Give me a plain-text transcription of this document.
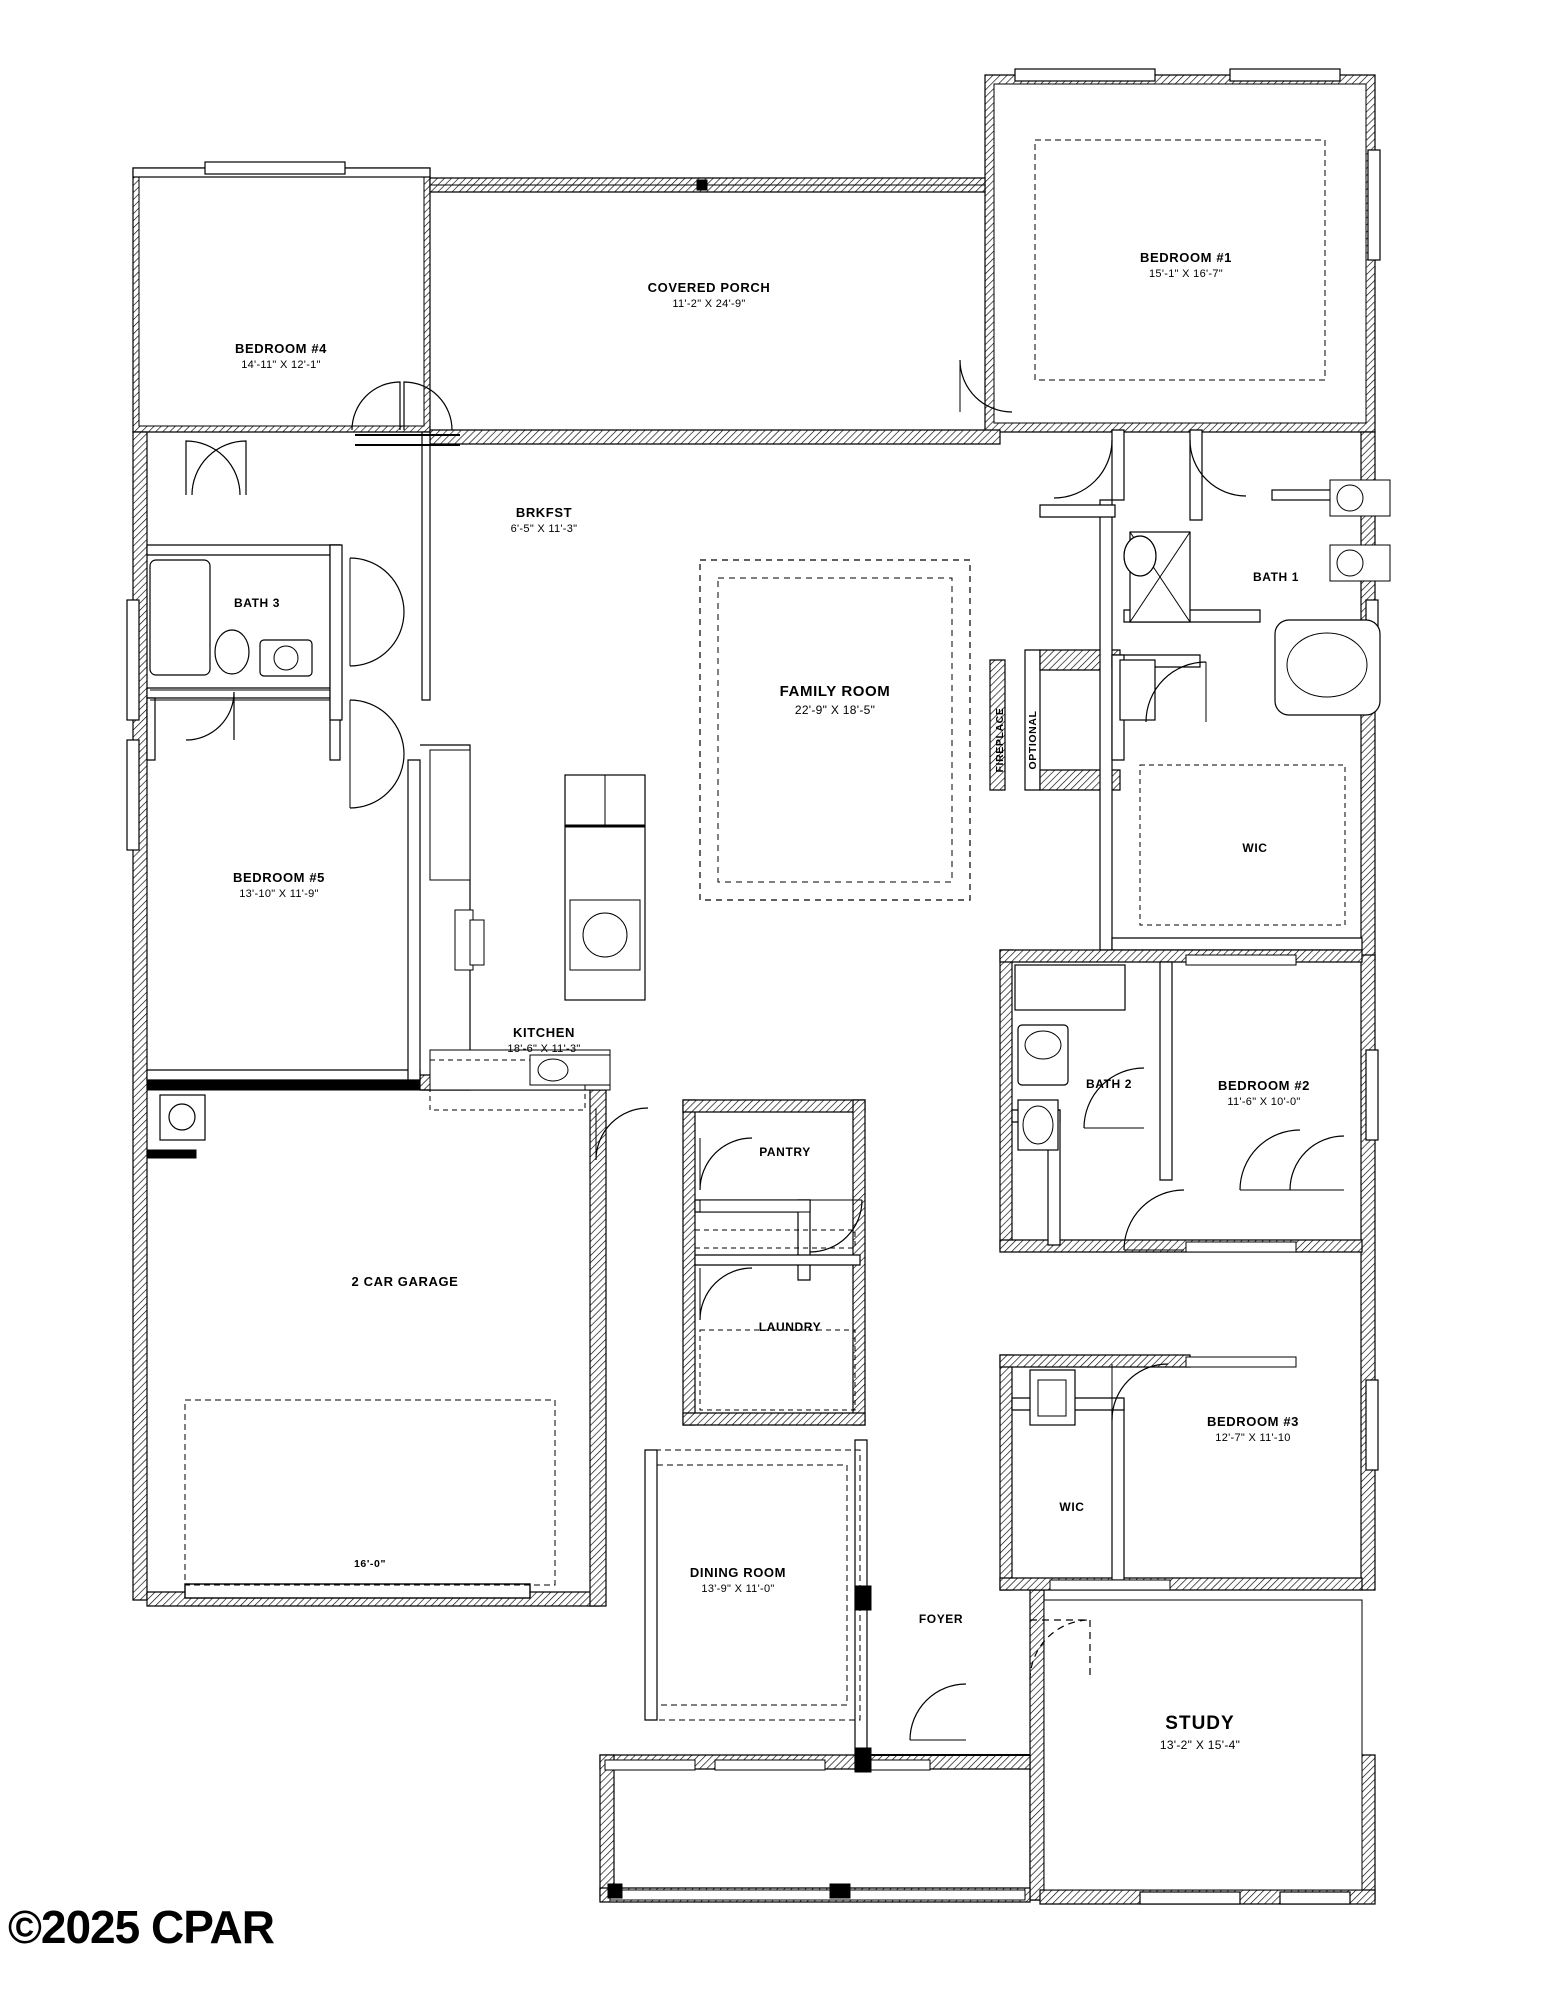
©2025 CPAR
BEDROOM #4
14'-11" X 12'-1"
COVERED PORCH
11'-2" X 24'-9"
BEDROOM #1
15'-1" X 16'-7"
BRKFST
6'-5" X 11'-3"
BATH 3
BATH 1
FAMILY ROOM
22'-9" X 18'-5"	FIREPLACE OPTIONAL
WIC
BEDROOM #5
13'-10" X 11'-9"
KITCHEN
18'-6" X 11'-3"
BATH 2	BEDROOM #2
11'-6" X 10'-0"
PANTRY
2 CAR GARAGE
LAUNDRY
BEDROOM #3
12'-7" X 11'-10
WIC
16'-0"
DINING ROOM
13'-9" X 11'-0"
FOYER
STUDY
13'-2" X 15'-4"
